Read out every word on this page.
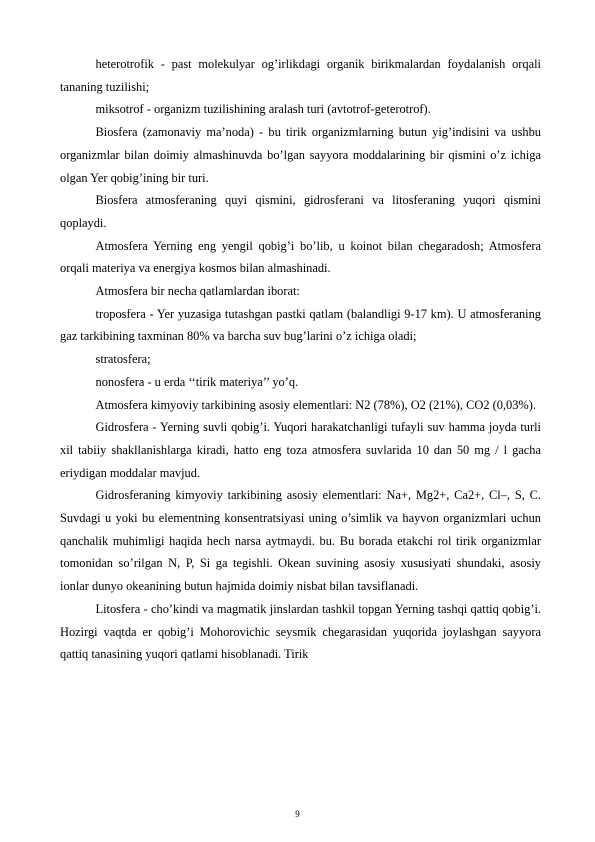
heterotrofik - past molekulyar og’irlikdagi organik birikmalardan foydalanish orqali tananing tuzilishi;

miksotrof - organizm tuzilishining aralash turi (avtotrof-geterotrof).

Biosfera (zamonaviy ma’noda) - bu tirik organizmlarning butun yig’indisini va ushbu organizmlar bilan doimiy almashinuvda bo’lgan sayyora moddalarining bir qismini o’z ichiga olgan Yer qobig’ining bir turi.

Biosfera atmosferaning quyi qismini, gidrosferani va litosferaning yuqori qismini qoplaydi.

Atmosfera Yerning eng yengil qobig’i bo’lib, u koinot bilan chegaradosh; Atmosfera orqali materiya va energiya kosmos bilan almashinadi.

Atmosfera bir necha qatlamlardan iborat:

troposfera - Yer yuzasiga tutashgan pastki qatlam (balandligi 9-17 km). U atmosferaning gaz tarkibining taxminan 80% va barcha suv bug’larini o’z ichiga oladi;

stratosfera;

nonosfera - u erda ‘‘tirik materiya’’ yo’q.

Atmosfera kimyoviy tarkibining asosiy elementlari: N2 (78%), O2 (21%), CO2 (0,03%).

Gidrosfera - Yerning suvli qobig’i. Yuqori harakatchanligi tufayli suv hamma joyda turli xil tabiiy shakllanishlarga kiradi, hatto eng toza atmosfera suvlarida 10 dan 50 mg / l gacha eriydigan moddalar mavjud.

Gidrosferaning kimyoviy tarkibining asosiy elementlari: Na+, Mg2+, Ca2+, Cl–, S, C. Suvdagi u yoki bu elementning konsentratsiyasi uning o’simlik va hayvon organizmlari uchun qanchalik muhimligi haqida hech narsa aytmaydi. bu. Bu borada etakchi rol tirik organizmlar tomonidan so’rilgan N, P, Si ga tegishli. Okean suvining asosiy xususiyati shundaki, asosiy ionlar dunyo okeanining butun hajmida doimiy nisbat bilan tavsiflanadi.

Litosfera - cho’kindi va magmatik jinslardan tashkil topgan Yerning tashqi qattiq qobig’i. Hozirgi vaqtda er qobig’i Mohorovichic seysmik chegarasidan yuqorida joylashgan sayyora qattiq tanasining yuqori qatlami hisoblanadi. Tirik

9
